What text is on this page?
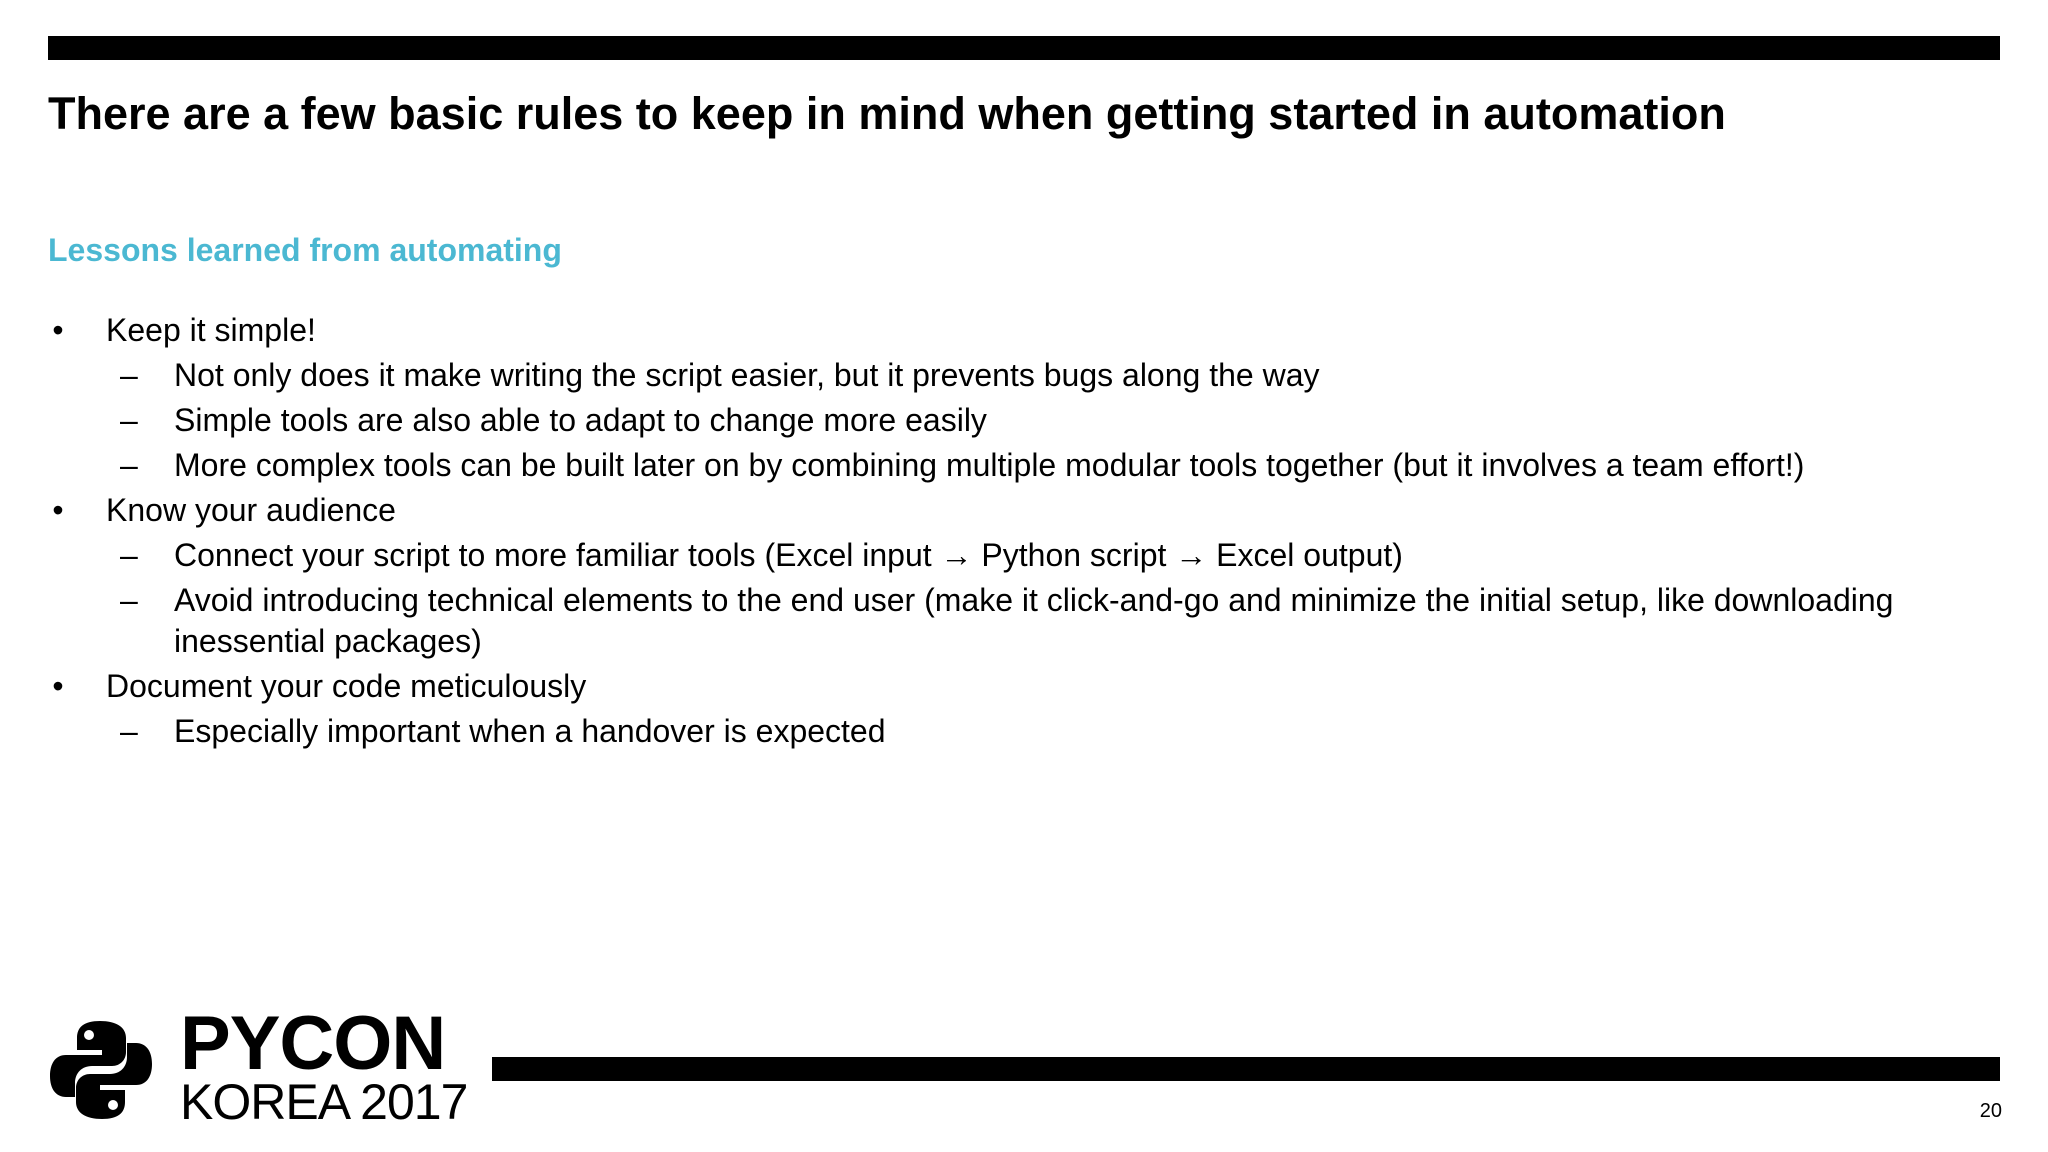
There are a few basic rules to keep in mind when getting started in automation
Lessons learned from automating
• Keep it simple!
– Not only does it make writing the script easier, but it prevents bugs along the way
– Simple tools are also able to adapt to change more easily
– More complex tools can be built later on by combining multiple modular tools together (but it involves a team effort!)
• Know your audience
– Connect your script to more familiar tools (Excel input → Python script → Excel output)
– Avoid introducing technical elements to the end user (make it click-and-go and minimize the initial setup, like downloading inessential packages)
• Document your code meticulously
– Especially important when a handover is expected
PYCON
KOREA 2017	20
